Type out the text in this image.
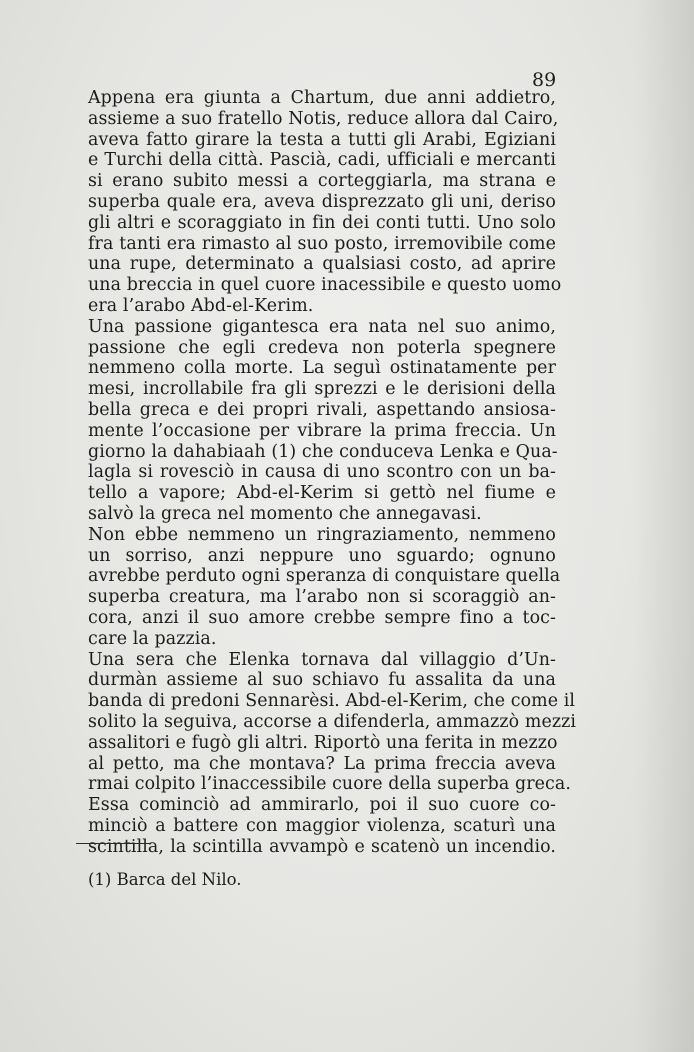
89
Appena era giunta a Chartum, due anni addietro,
assieme a suo fratello Notis, reduce allora dal Cairo,
aveva fatto girare la testa a tutti gli Arabi, Egiziani
e Turchi della città. Pascià, cadi, ufficiali e mercanti
si erano subito messi a corteggiarla, ma strana e
superba quale era, aveva disprezzato gli uni, deriso
gli altri e scoraggiato in fin dei conti tutti. Uno solo
fra tanti era rimasto al suo posto, irremovibile come
una rupe, determinato a qualsiasi costo, ad aprire
una breccia in quel cuore inacessibile e questo uomo
era l’arabo Abd-el-Kerim.
Una passione gigantesca era nata nel suo animo,
passione che egli credeva non poterla spegnere
nemmeno colla morte. La seguì ostinatamente per
mesi, incrollabile fra gli sprezzi e le derisioni della
bella greca e dei propri rivali, aspettando ansiosa-
mente l’occasione per vibrare la prima freccia. Un
giorno la dahabiaah (1) che conduceva Lenka e Qua-
lagla si rovesciò in causa di uno scontro con un ba-
tello a vapore; Abd-el-Kerim si gettò nel fiume e
salvò la greca nel momento che annegavasi.
Non ebbe nemmeno un ringraziamento, nemmeno
un sorriso, anzi neppure uno sguardo; ognuno
avrebbe perduto ogni speranza di conquistare quella
superba creatura, ma l’arabo non si scoraggiò an-
cora, anzi il suo amore crebbe sempre fino a toc-
care la pazzia.
Una sera che Elenka tornava dal villaggio d’Un-
durmàn assieme al suo schiavo fu assalita da una
banda di predoni Sennarèsi. Abd-el-Kerim, che come il
solito la seguiva, accorse a difenderla, ammazzò mezzi
assalitori e fugò gli altri. Riportò una ferita in mezzo
al petto, ma che montava? La prima freccia aveva
rmai colpito l’inaccessibile cuore della superba greca.
Essa cominciò ad ammirarlo, poi il suo cuore co-
minciò a battere con maggior violenza, scaturì una
scintilla, la scintilla avvampò e scatenò un incendio.
(1) Barca del Nilo.
